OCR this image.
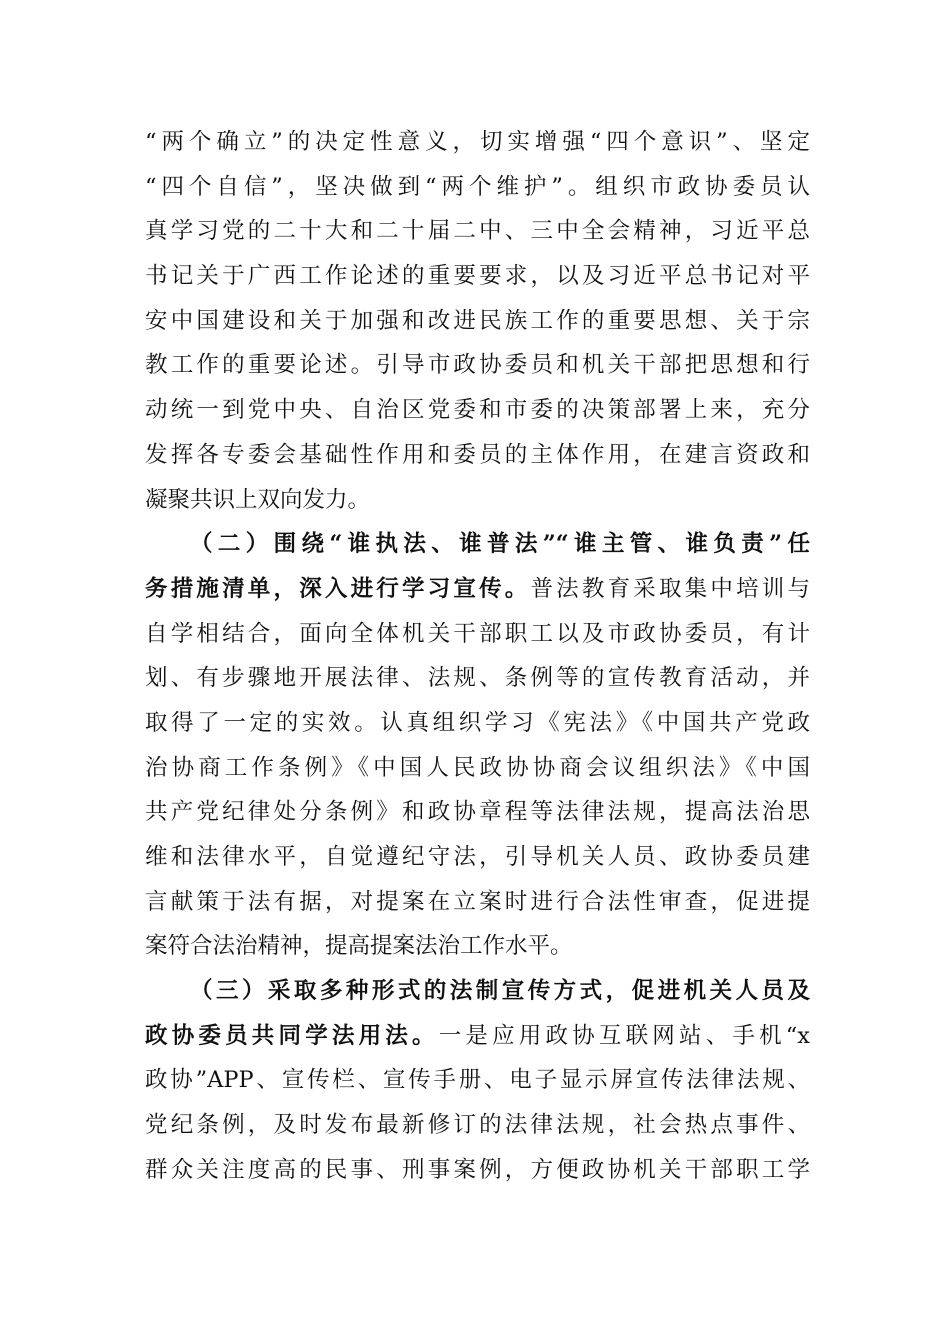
“两个确立”的决定性意义，切实增强“四个意识”、坚定
“四个自信”，坚决做到“两个维护”。组织市政协委员认
真学习党的二十大和二十届二中、三中全会精神，习近平总
书记关于广西工作论述的重要要求，以及习近平总书记对平
安中国建设和关于加强和改进民族工作的重要思想、关于宗
教工作的重要论述。引导市政协委员和机关干部把思想和行
动统一到党中央、自治区党委和市委的决策部署上来，充分
发挥各专委会基础性作用和委员的主体作用，在建言资政和
凝聚共识上双向发力。
（二）围绕“谁执法、谁普法”“谁主管、谁负责”任
务措施清单，深入进行学习宣传。普法教育采取集中培训与
自学相结合，面向全体机关干部职工以及市政协委员，有计
划、有步骤地开展法律、法规、条例等的宣传教育活动，并
取得了一定的实效。认真组织学习《宪法》《中国共产党政
治协商工作条例》《中国人民政协协商会议组织法》《中国
共产党纪律处分条例》和政协章程等法律法规，提高法治思
维和法律水平，自觉遵纪守法，引导机关人员、政协委员建
言献策于法有据，对提案在立案时进行合法性审查，促进提
案符合法治精神，提高提案法治工作水平。
（三）采取多种形式的法制宣传方式，促进机关人员及
政协委员共同学法用法。一是应用政协互联网站、手机“x
政协”APP、宣传栏、宣传手册、电子显示屏宣传法律法规、
党纪条例，及时发布最新修订的法律法规，社会热点事件、
群众关注度高的民事、刑事案例，方便政协机关干部职工学
